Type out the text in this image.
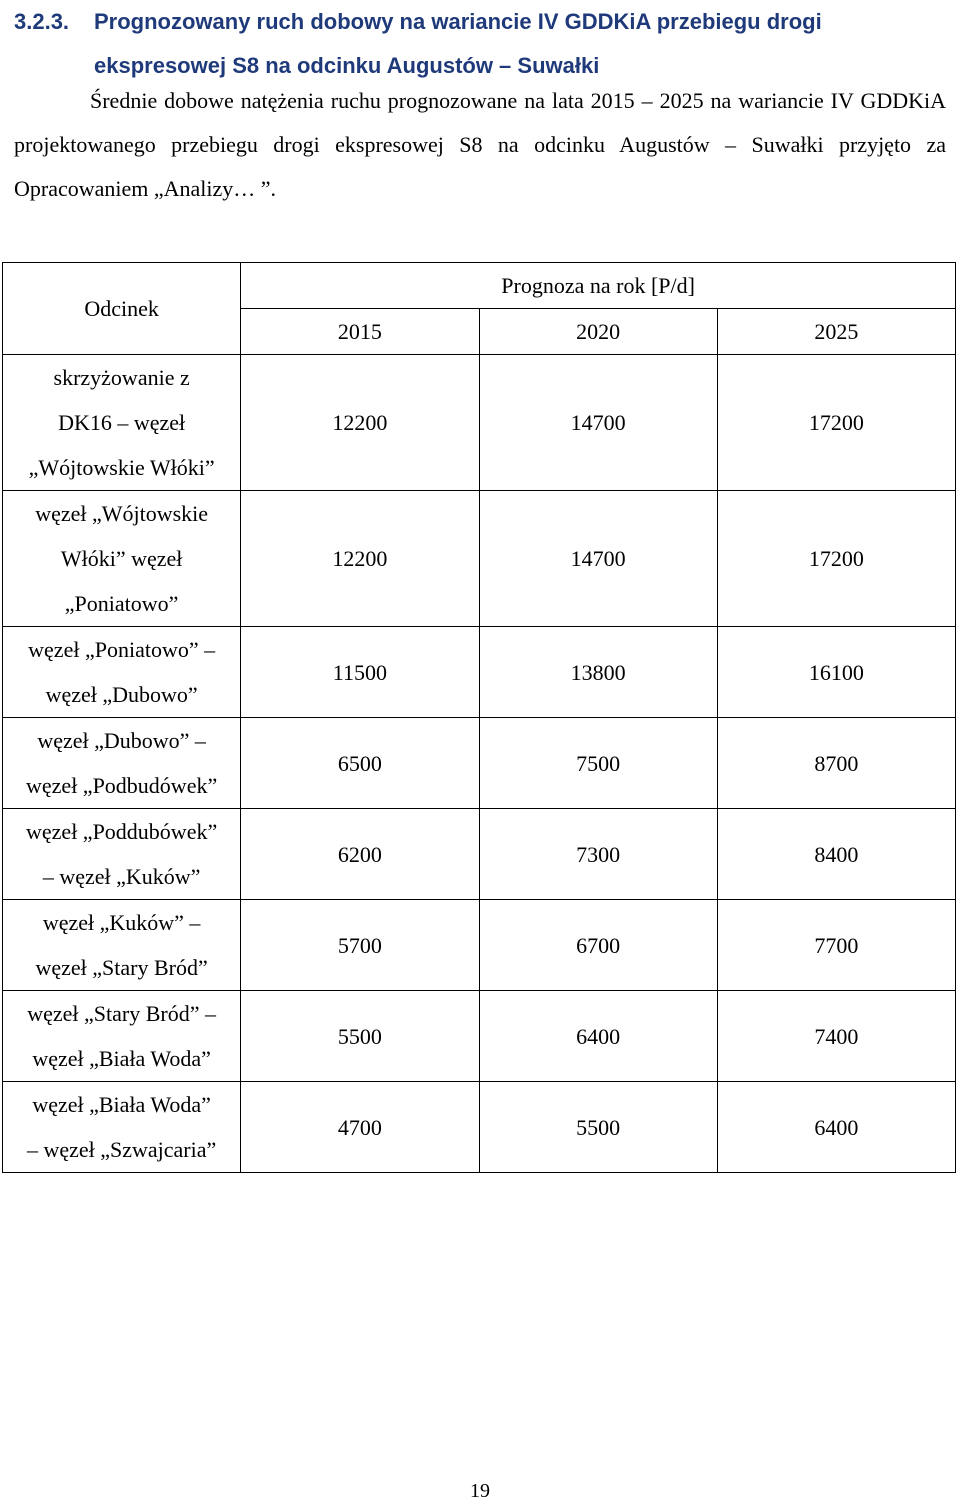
3.2.3. Prognozowany ruch dobowy na wariancie IV GDDKiA przebiegu drogi
ekspresowej S8 na odcinku Augustów – Suwałki
Średnie dobowe natężenia ruchu prognozowane na lata 2015 – 2025 na wariancie IV GDDKiA projektowanego przebiegu drogi ekspresowej S8 na odcinku Augustów – Suwałki przyjęto za Opracowaniem „Analizy… ”.
Odcinek	Prognoza na rok [P/d]		
	2015	2020	2025

skrzyżowanie z
DK16 – węzeł
„Wójtowskie Włóki”	12200	14700	17200

węzeł „Wójtowskie
Włóki” węzeł
„Poniatowo”	12200	14700	17200

węzeł „Poniatowo” –
węzeł „Dubowo”	11500	13800	16100

węzeł „Dubowo” –
węzeł „Podbudówek”	6500	7500	8700

węzeł „Poddubówek”
– węzeł „Kuków”	6200	7300	8400

węzeł „Kuków” –
węzeł „Stary Bród”	5700	6700	7700

węzeł „Stary Bród” –
węzeł „Biała Woda”	5500	6400	7400

węzeł „Biała Woda”
– węzeł „Szwajcaria”	4700	5500	6400
19
